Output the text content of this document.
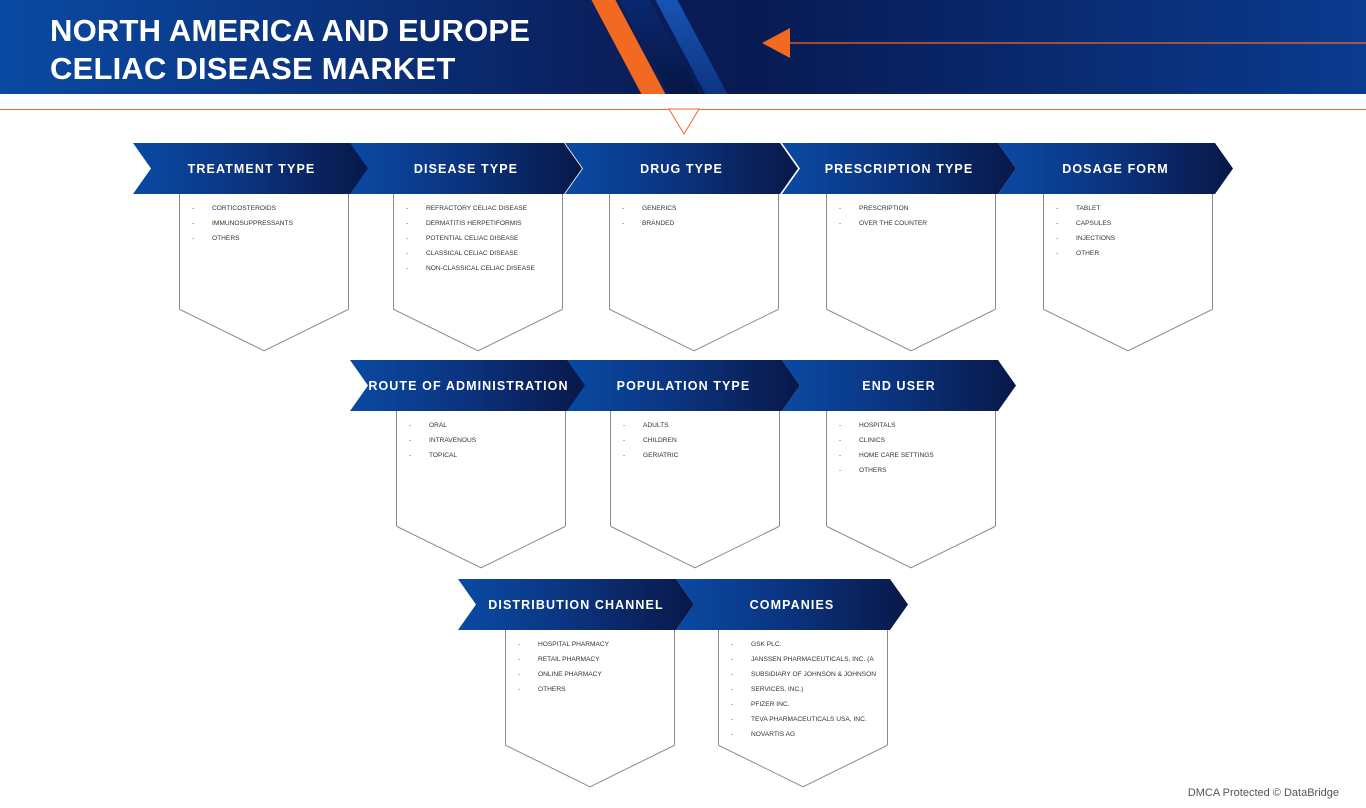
NORTH AMERICA AND EUROPE
CELIAC DISEASE MARKET
- CORTICOSTEROIDS
- IMMUNOSUPPRESSANTS
- OTHERS
- REFRACTORY CELIAC DISEASE
- DERMATITIS HERPETIFORMIS
- POTENTIAL CELIAC DISEASE
- CLASSICAL CELIAC DISEASE
- NON-CLASSICAL CELIAC DISEASE
- GENERICS
- BRANDED
- PRESCRIPTION
- OVER THE COUNTER
- TABLET
- CAPSULES
- INJECTIONS
- OTHER
- ORAL
- INTRAVENOUS
- TOPICAL
- ADULTS
- CHILDREN
- GERIATRIC
- HOSPITALS
- CLINICS
- HOME CARE SETTINGS
- OTHERS
- HOSPITAL PHARMACY
- RETAIL PHARMACY
- ONLINE PHARMACY
- OTHERS
- GSK PLC.
- JANSSEN PHARMACEUTICALS, INC. (A
- SUBSIDIARY OF JOHNSON & JOHNSON
- SERVICES, INC.)
- PFIZER INC.
- TEVA PHARMACEUTICALS USA, INC.
- NOVARTIS AG
-
TREATMENT TYPE	DISEASE TYPE	DRUG TYPE	PRESCRIPTION TYPE	DOSAGE FORM
ROUTE OF ADMINISTRATION	POPULATION TYPE	END USER
DISTRIBUTION CHANNEL	COMPANIES
DMCA Protected © DataBridge
